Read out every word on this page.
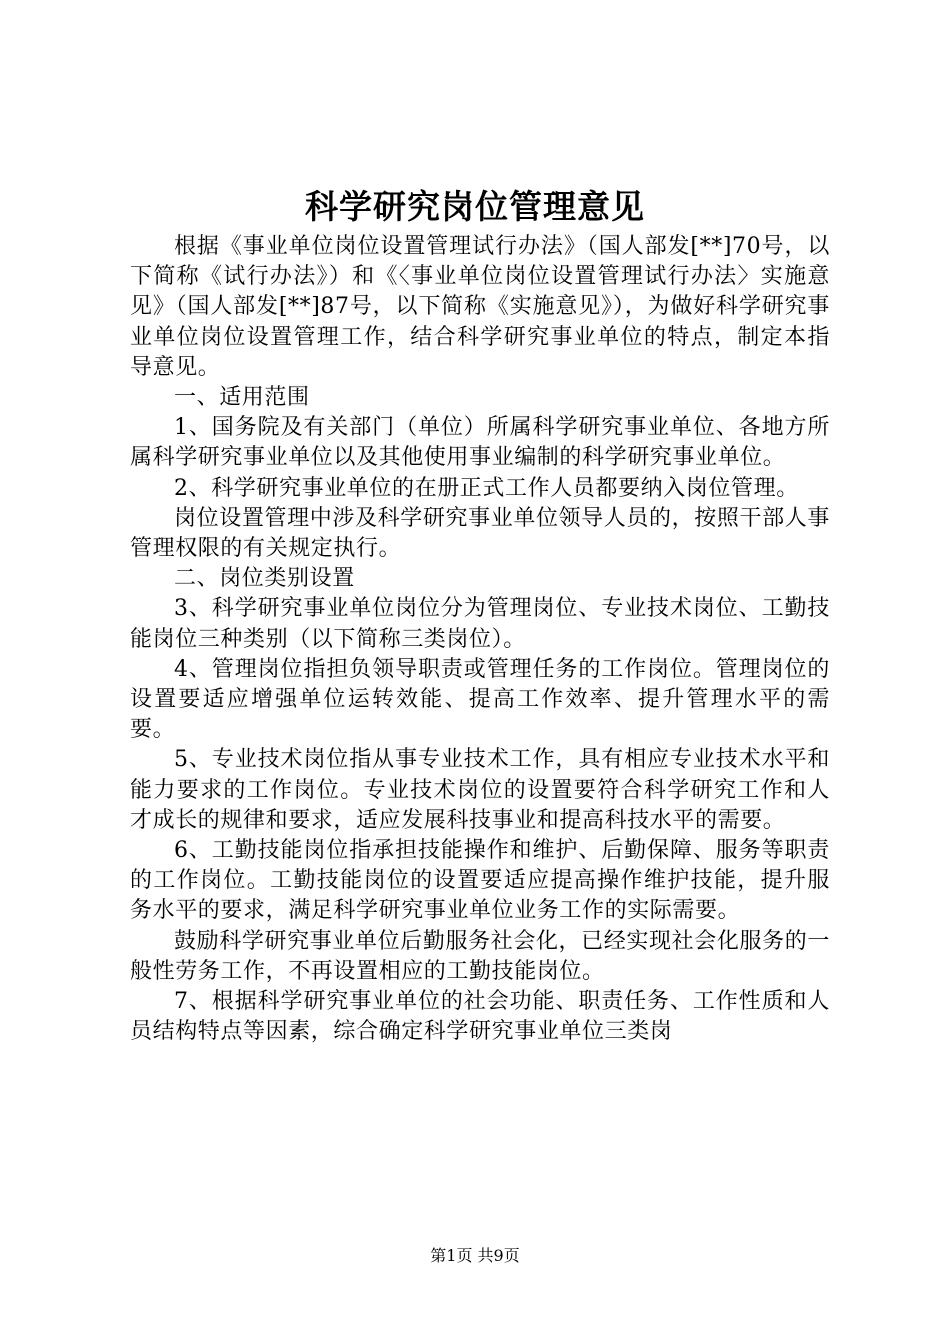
科学研究岗位管理意见

根据《事业单位岗位设置管理试行办法》（国人部发[**]70号，以下简称《试行办法》）和《〈事业单位岗位设置管理试行办法〉实施意见》（国人部发[**]87号，以下简称《实施意见》），为做好科学研究事业单位岗位设置管理工作，结合科学研究事业单位的特点，制定本指导意见。

一、适用范围

1、国务院及有关部门（单位）所属科学研究事业单位、各地方所属科学研究事业单位以及其他使用事业编制的科学研究事业单位。

2、科学研究事业单位的在册正式工作人员都要纳入岗位管理。

岗位设置管理中涉及科学研究事业单位领导人员的，按照干部人事管理权限的有关规定执行。

二、岗位类别设置

3、科学研究事业单位岗位分为管理岗位、专业技术岗位、工勤技能岗位三种类别（以下简称三类岗位）。

4、管理岗位指担负领导职责或管理任务的工作岗位。管理岗位的设置要适应增强单位运转效能、提高工作效率、提升管理水平的需要。

5、专业技术岗位指从事专业技术工作，具有相应专业技术水平和能力要求的工作岗位。专业技术岗位的设置要符合科学研究工作和人才成长的规律和要求，适应发展科技事业和提高科技水平的需要。

6、工勤技能岗位指承担技能操作和维护、后勤保障、服务等职责的工作岗位。工勤技能岗位的设置要适应提高操作维护技能，提升服务水平的要求，满足科学研究事业单位业务工作的实际需要。

鼓励科学研究事业单位后勤服务社会化，已经实现社会化服务的一般性劳务工作，不再设置相应的工勤技能岗位。

7、根据科学研究事业单位的社会功能、职责任务、工作性质和人员结构特点等因素，综合确定科学研究事业单位三类岗

第1页 共9页
